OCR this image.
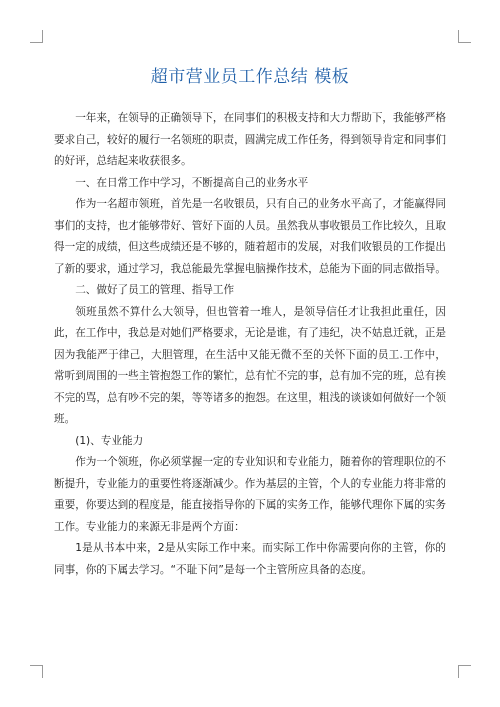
超市营业员工作总结 模板

一年来，在领导的正确领导下，在同事们的积极支持和大力帮助下，我能够严格要求自己，较好的履行一名领班的职责，圆满完成工作任务，得到领导肯定和同事们的好评，总结起来收获很多。

一、在日常工作中学习，不断提高自己的业务水平

作为一名超市领班，首先是一名收银员，只有自己的业务水平高了，才能赢得同事们的支持，也才能够带好、管好下面的人员。虽然我从事收银员工作比较久，且取得一定的成绩，但这些成绩还是不够的，随着超市的发展，对我们收银员的工作提出了新的要求，通过学习，我总能最先掌握电脑操作技术，总能为下面的同志做指导。

二、做好了员工的管理、指导工作

领班虽然不算什么大领导，但也管着一堆人，是领导信任才让我担此重任，因此，在工作中，我总是对她们严格要求，无论是谁，有了违纪，决不姑息迁就，正是因为我能严于律己，大胆管理，在生活中又能无微不至的关怀下面的员工.工作中，常听到周围的一些主管抱怨工作的繁忙，总有忙不完的事，总有加不完的班，总有挨不完的骂，总有吵不完的架，等等诸多的抱怨。在这里，粗浅的谈谈如何做好一个领班。

(1)、专业能力

作为一个领班，你必须掌握一定的专业知识和专业能力，随着你的管理职位的不断提升，专业能力的重要性将逐渐减少。作为基层的主管，个人的专业能力将非常的重要，你要达到的程度是，能直接指导你的下属的实务工作，能够代理你下属的实务工作。专业能力的来源无非是两个方面：

1是从书本中来，2是从实际工作中来。而实际工作中你需要向你的主管，你的同事，你的下属去学习。“不耻下问”是每一个主管所应具备的态度。
